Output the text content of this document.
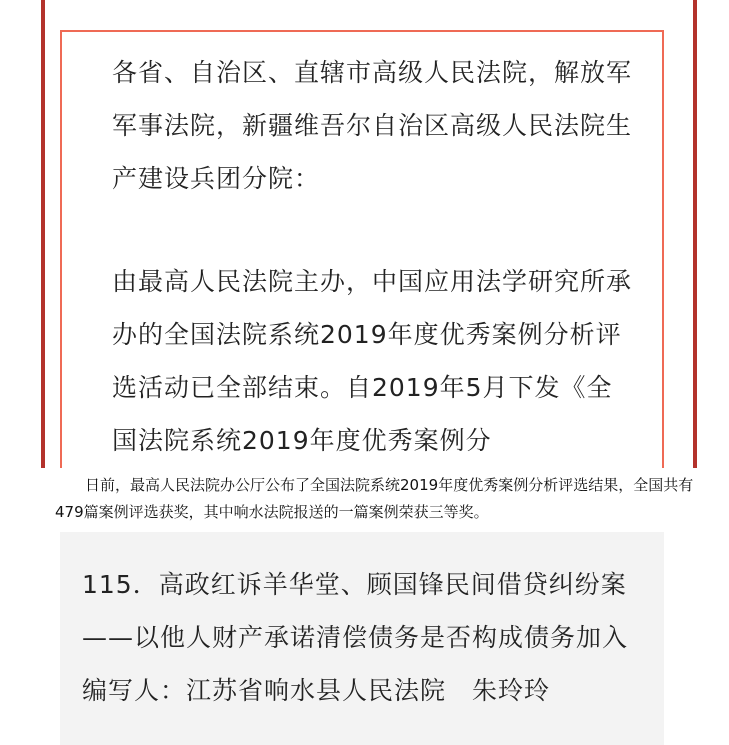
各省、自治区、直辖市高级人民法院，解放军军事法院，新疆维吾尔自治区高级人民法院生产建设兵团分院：

由最高人民法院主办，中国应用法学研究所承办的全国法院系统2019年度优秀案例分析评选活动已全部结束。自2019年5月下发《全国法院系统2019年度优秀案例分

　　日前，最高人民法院办公厅公布了全国法院系统2019年度优秀案例分析评选结果，全国共有479篇案例评选获奖，其中响水法院报送的一篇案例荣获三等奖。

115．高政红诉羊华堂、顾国锋民间借贷纠纷案
——以他人财产承诺清偿债务是否构成债务加入
编写人：江苏省响水县人民法院　朱玲玲
